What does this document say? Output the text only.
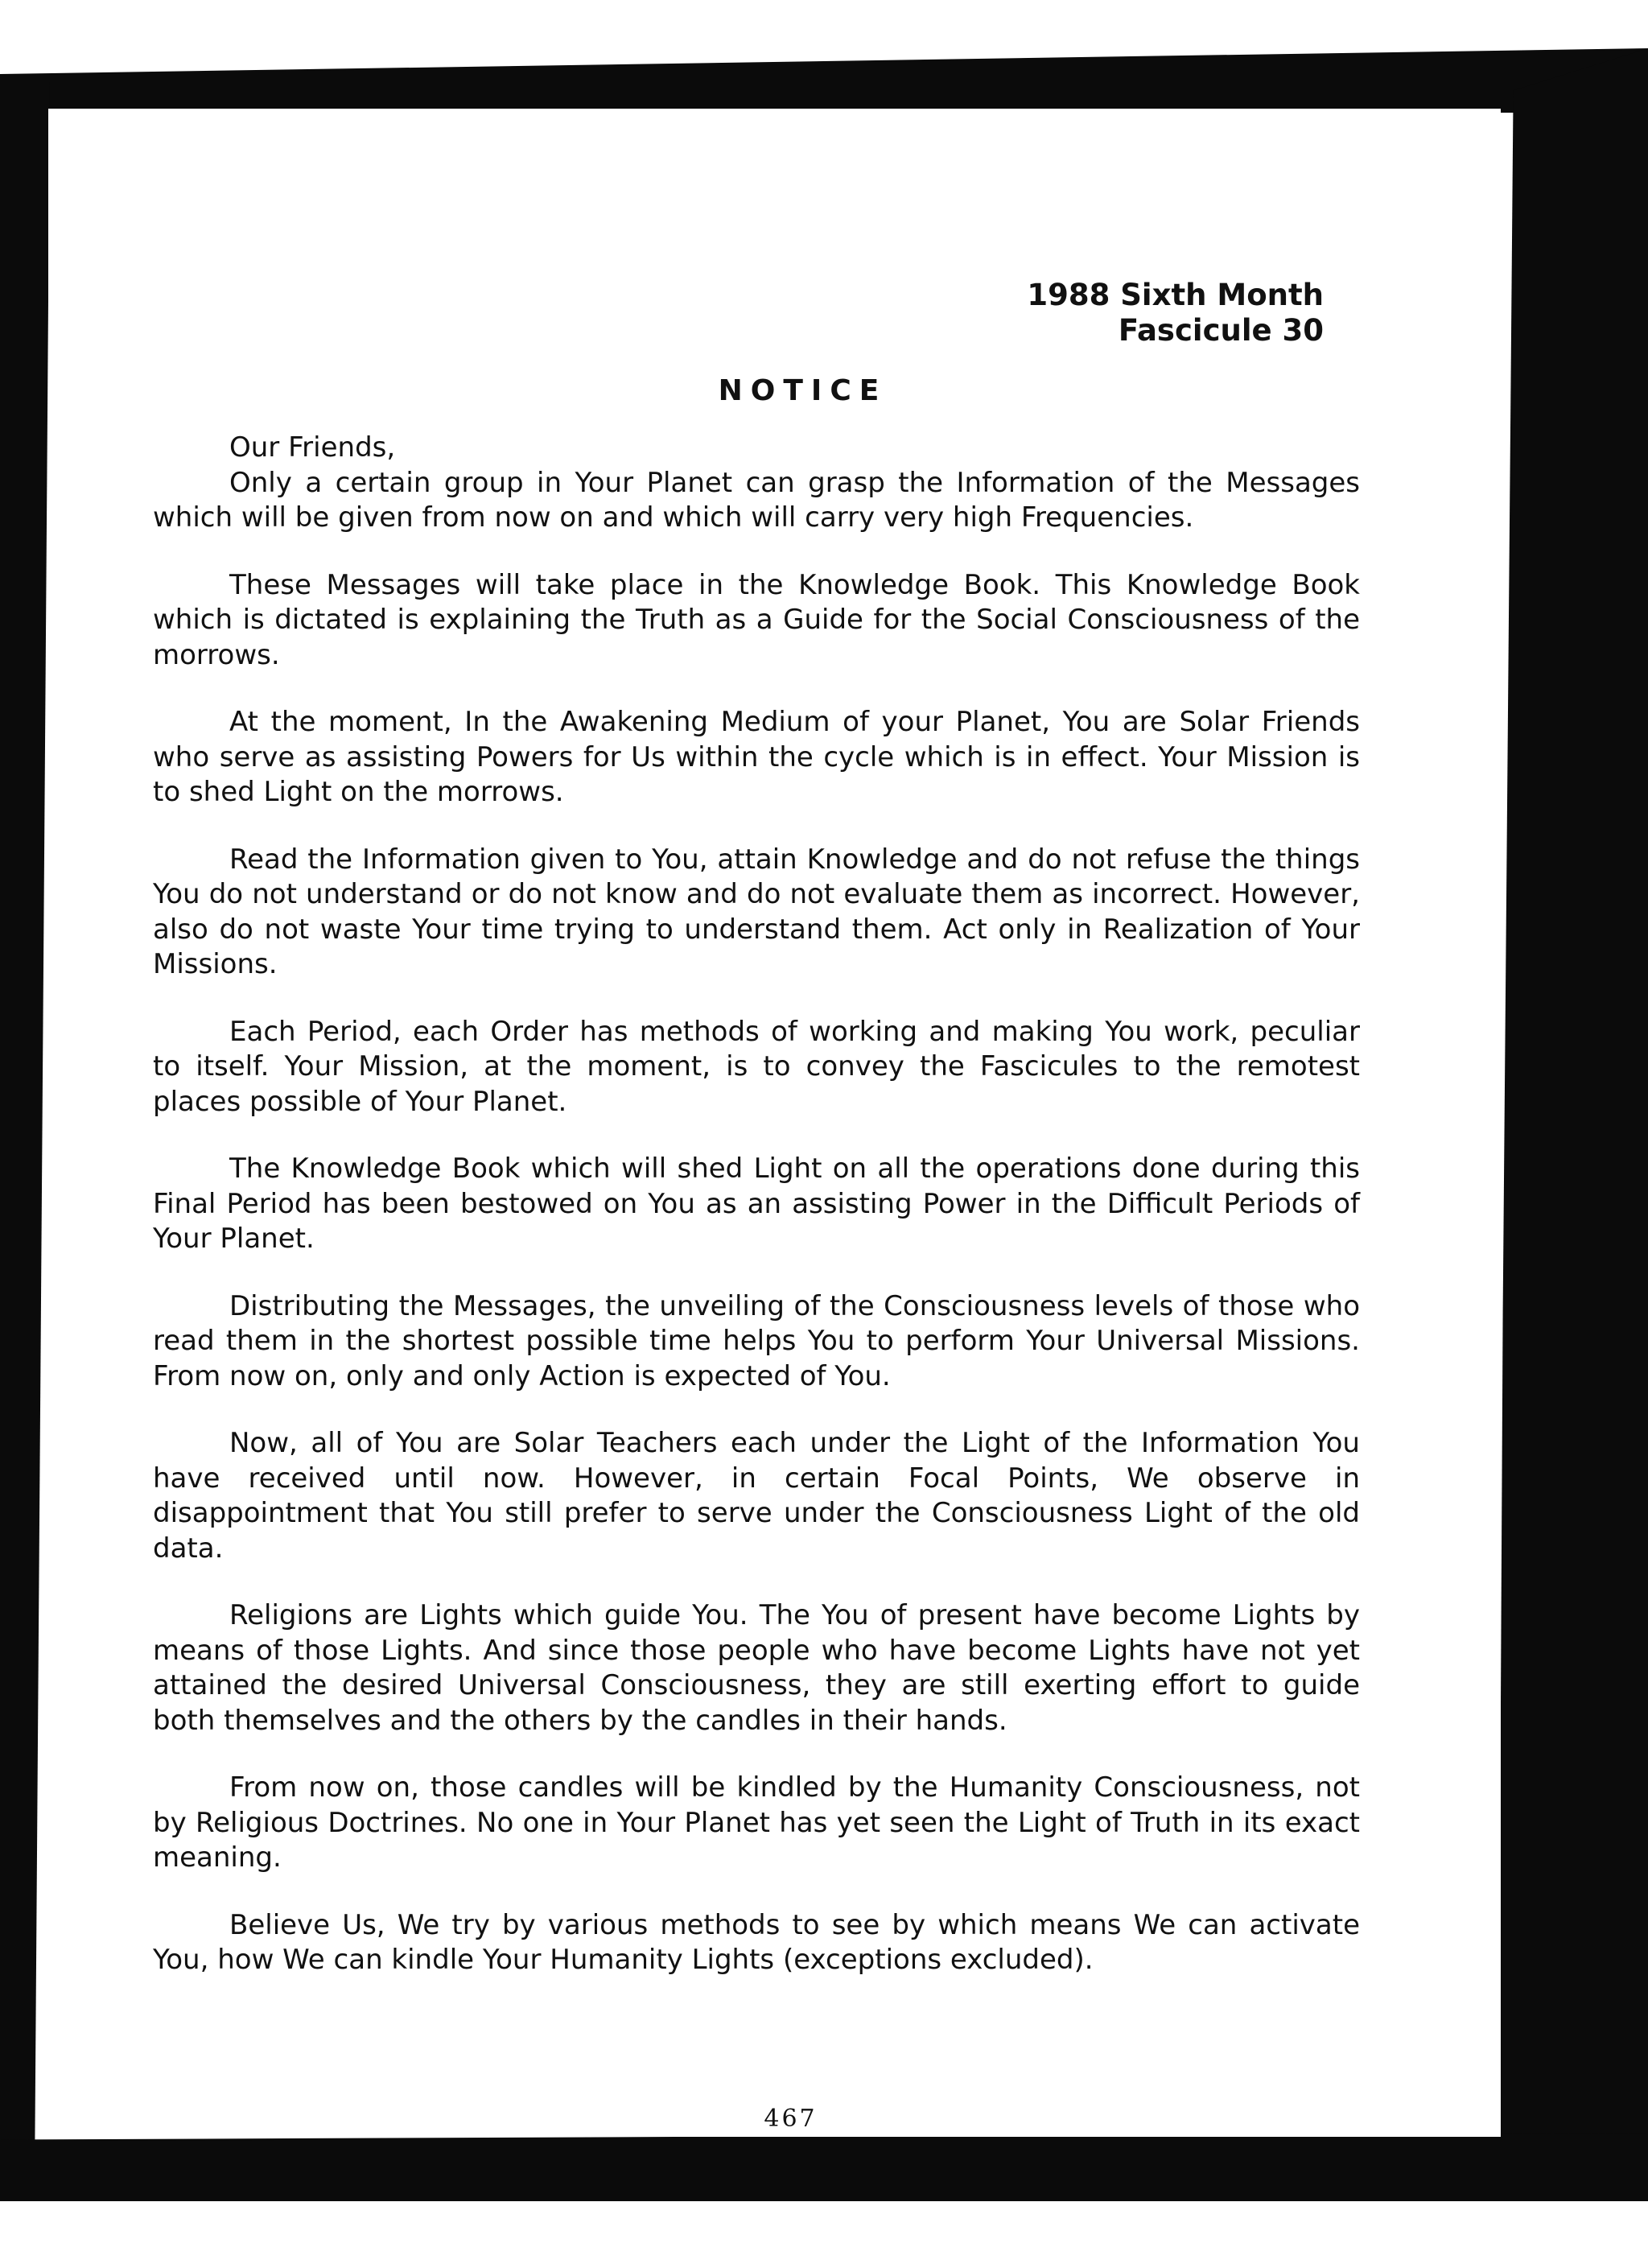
1988 Sixth Month
Fascicule 30
NOTICE

Our Friends,

Only a certain group in Your Planet can grasp the Information of the Messages which will be given from now on and which will carry very high Frequencies.

These Messages will take place in the Knowledge Book. This Knowledge Book which is dictated is explaining the Truth as a Guide for the Social Consciousness of the morrows.

At the moment, In the Awakening Medium of your Planet, You are Solar Friends who serve as assisting Powers for Us within the cycle which is in effect. Your Mission is to shed Light on the morrows.

Read the Information given to You, attain Knowledge and do not refuse the things You do not understand or do not know and do not evaluate them as incorrect. However, also do not waste Your time trying to understand them. Act only in Realization of Your Missions.

Each Period, each Order has methods of working and making You work, peculiar to itself. Your Mission, at the moment, is to convey the Fascicules to the remotest places possible of Your Planet.

The Knowledge Book which will shed Light on all the operations done during this Final Period has been bestowed on You as an assisting Power in the Difficult Periods of Your Planet.

Distributing the Messages, the unveiling of the Consciousness levels of those who read them in the shortest possible time helps You to perform Your Universal Missions. From now on, only and only Action is expected of You.

Now, all of You are Solar Teachers each under the Light of the Information You have received until now. However, in certain Focal Points, We observe in disappointment that You still prefer to serve under the Consciousness Light of the old data.

Religions are Lights which guide You. The You of present have become Lights by means of those Lights. And since those people who have become Lights have not yet attained the desired Universal Consciousness, they are still exerting effort to guide both themselves and the others by the candles in their hands.

From now on, those candles will be kindled by the Humanity Consciousness, not by Religious Doctrines. No one in Your Planet has yet seen the Light of Truth in its exact meaning.

Believe Us, We try by various methods to see by which means We can activate You, how We can kindle Your Humanity Lights (exceptions excluded).

467
